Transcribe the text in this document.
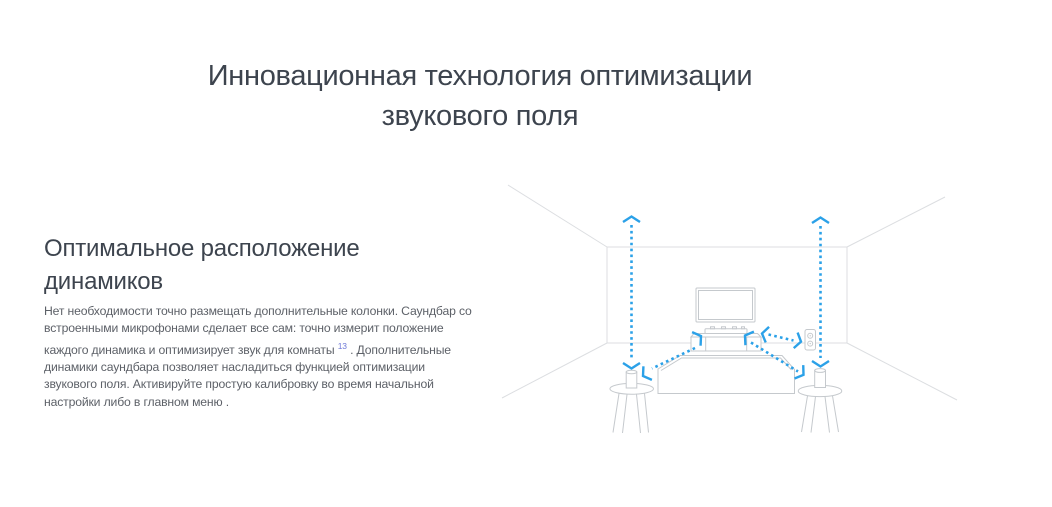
Инновационная технология оптимизации звукового поля
Оптимальное расположение динамиков

Нет необходимости точно размещать дополнительные колонки. Саундбар со встроенными микрофонами сделает все сам: точно измерит положение каждого динамика и оптимизирует звук для комнаты $^{13}$ . Дополнительные динамики саундбара позволяет насладиться функцией оптимизации звукового поля. Активируйте простую калибровку во время начальной настройки либо в главном меню .
